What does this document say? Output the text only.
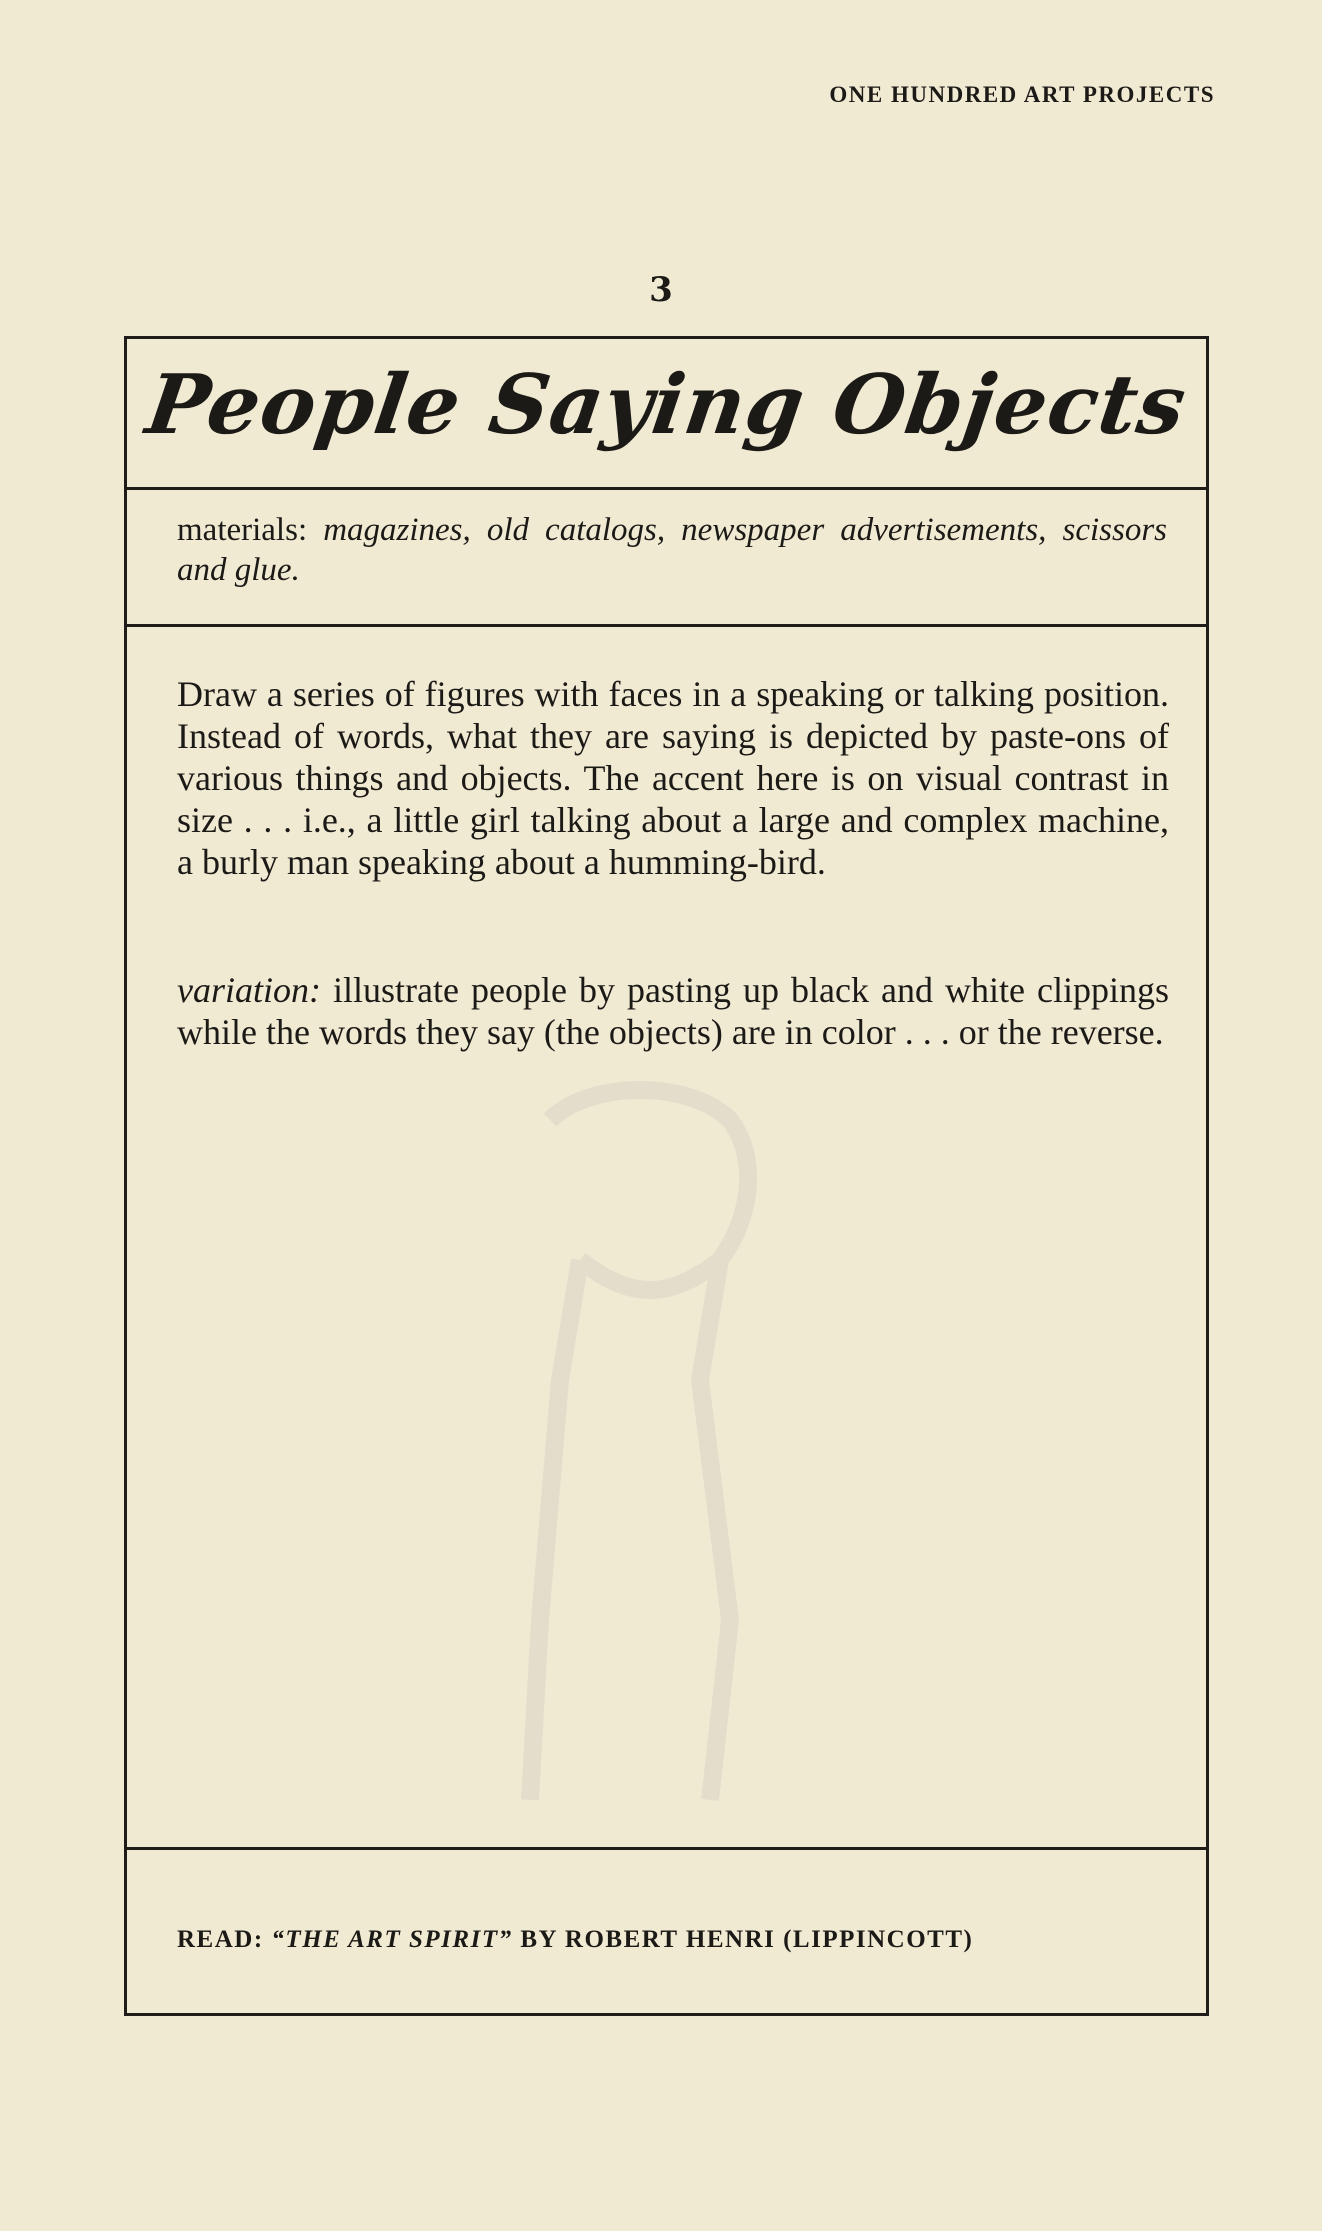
ONE HUNDRED ART PROJECTS
3
People Saying Objects
materials: magazines, old catalogs, newspaper advertisements, scissors and glue.
Draw a series of figures with faces in a speaking or talking position. Instead of words, what they are saying is depicted by paste-ons of various things and objects. The accent here is on visual contrast in size . . . i.e., a little girl talking about a large and complex machine, a burly man speaking about a humming-bird.
variation: illustrate people by pasting up black and white clippings while the words they say (the objects) are in color . . . or the reverse.
READ: “THE ART SPIRIT” BY ROBERT HENRI (LIPPINCOTT)
